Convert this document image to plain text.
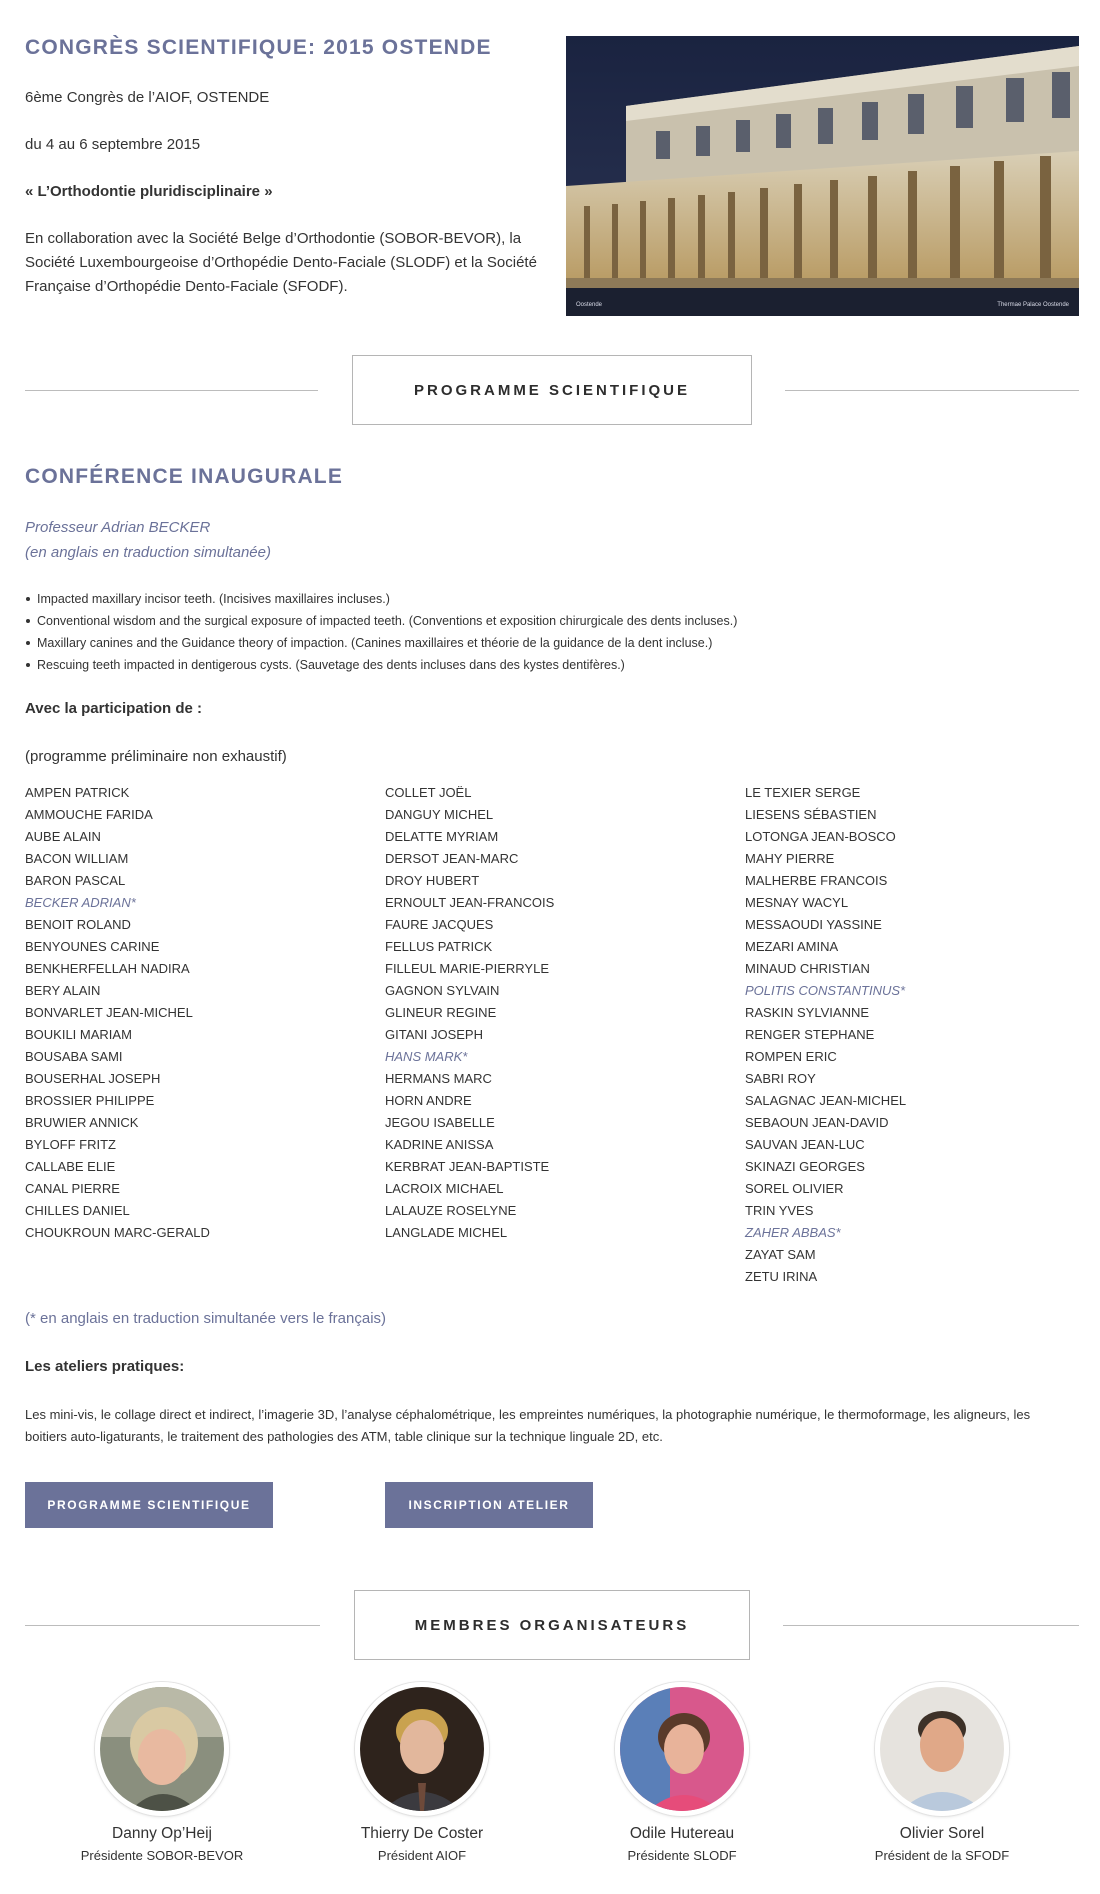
CONGRÈS SCIENTIFIQUE: 2015 OSTENDE

6ème Congrès de l’AIOF, OSTENDE

du 4 au 6 septembre 2015

« L’Orthodontie pluridisciplinaire »

En collaboration avec la Société Belge d’Orthodontie (SOBOR-BEVOR), la Société Luxembourgeoise d’Orthopédie Dento-Faciale (SLODF) et la Société Française d’Orthopédie Dento-Faciale (SFODF).

Oostende	Thermae Palace Oostende
PROGRAMME SCIENTIFIQUE
CONFÉRENCE INAUGURALE
Professeur Adrian BECKER
(en anglais en traduction simultanée)
Impacted maxillary incisor teeth. (Incisives maxillaires incluses.)
Conventional wisdom and the surgical exposure of impacted teeth. (Conventions et exposition chirurgicale des dents incluses.)
Maxillary canines and the Guidance theory of impaction. (Canines maxillaires et théorie de la guidance de la dent incluse.)
Rescuing teeth impacted in dentigerous cysts. (Sauvetage des dents incluses dans des kystes dentifères.)
Avec la participation de :
(programme préliminaire non exhaustif)
AMPEN PATRICK
AMMOUCHE FARIDA
AUBE ALAIN
BACON WILLIAM
BARON PASCAL
BECKER ADRIAN*
BENOIT ROLAND
BENYOUNES CARINE
BENKHERFELLAH NADIRA
BERY ALAIN
BONVARLET JEAN-MICHEL
BOUKILI MARIAM
BOUSABA SAMI
BOUSERHAL JOSEPH
BROSSIER PHILIPPE
BRUWIER ANNICK
BYLOFF FRITZ
CALLABE ELIE
CANAL PIERRE
CHILLES DANIEL
CHOUKROUN MARC-GERALD
COLLET JOËL
DANGUY MICHEL
DELATTE MYRIAM
DERSOT JEAN-MARC
DROY HUBERT
ERNOULT JEAN-FRANCOIS
FAURE JACQUES
FELLUS PATRICK
FILLEUL MARIE-PIERRYLE
GAGNON SYLVAIN
GLINEUR REGINE
GITANI JOSEPH
HANS MARK*
HERMANS MARC
HORN ANDRE
JEGOU ISABELLE
KADRINE ANISSA
KERBRAT JEAN-BAPTISTE
LACROIX MICHAEL
LALAUZE ROSELYNE
LANGLADE MICHEL
LE TEXIER SERGE
LIESENS SÉBASTIEN
LOTONGA JEAN-BOSCO
MAHY PIERRE
MALHERBE FRANCOIS
MESNAY WACYL
MESSAOUDI YASSINE
MEZARI AMINA
MINAUD CHRISTIAN
POLITIS CONSTANTINUS*
RASKIN SYLVIANNE
RENGER STEPHANE
ROMPEN ERIC
SABRI ROY
SALAGNAC JEAN-MICHEL
SEBAOUN JEAN-DAVID
SAUVAN JEAN-LUC
SKINAZI GEORGES
SOREL OLIVIER
TRIN YVES
ZAHER ABBAS*
ZAYAT SAM
ZETU IRINA
(* en anglais en traduction simultanée vers le français)
Les ateliers pratiques:
Les mini-vis, le collage direct et indirect, l’imagerie 3D, l’analyse céphalométrique, les empreintes numériques, la photographie numérique, le thermoformage, les aligneurs, les boitiers auto-ligaturants, le traitement des pathologies des ATM, table clinique sur la technique linguale 2D, etc.
PROGRAMME SCIENTIFIQUE	INSCRIPTION ATELIER
MEMBRES ORGANISATEURS
Danny Op’Heij
Présidente SOBOR-BEVOR
Thierry De Coster
Président AIOF
Odile Hutereau
Présidente SLODF
Olivier Sorel
Président de la SFODF
